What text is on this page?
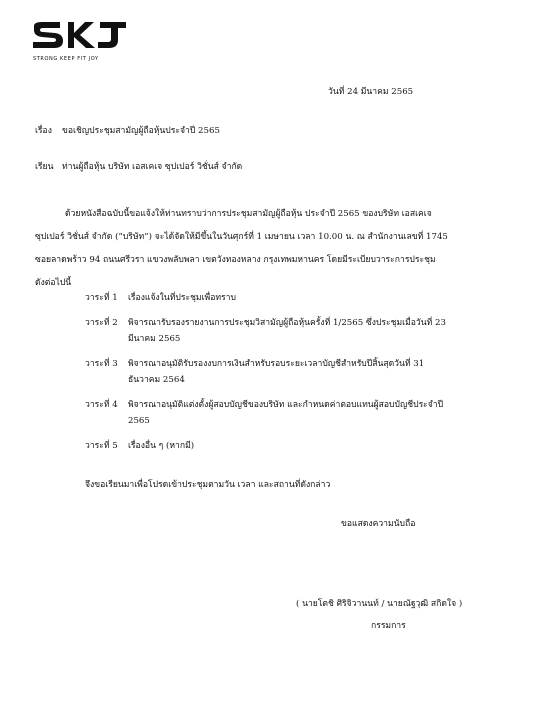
STRONG KEEP FIT JOY
วันที่ 24 มีนาคม 2565
เรื่อง ขอเชิญประชุมสามัญผู้ถือหุ้นประจำปี 2565
เรียน ท่านผู้ถือหุ้น บริษัท เอสเคเจ ซุปเปอร์ วิชั่นส์ จำกัด
ด้วยหนังสือฉบับนี้ขอแจ้งให้ท่านทราบว่าการประชุมสามัญผู้ถือหุ้น ประจำปี 2565 ของบริษัท เอสเคเจ
ซุปเปอร์ วิชั่นส์ จำกัด (“บริษัท”) จะได้จัดให้มีขึ้นในวันศุกร์ที่ 1 เมษายน เวลา 10.00 น. ณ สำนักงานเลขที่ 1745
ซอยลาดพร้าว 94 ถนนศรีวรา แขวงพลับพลา เขตวังทองหลาง กรุงเทพมหานคร โดยมีระเบียบวาระการประชุม
ดังต่อไปนี้
วาระที่ 1 เรื่องแจ้งในที่ประชุมเพื่อทราบ
วาระที่ 2 พิจารณารับรองรายงานการประชุมวิสามัญผู้ถือหุ้นครั้งที่ 1/2565 ซึ่งประชุมเมื่อวันที่ 23
มีนาคม 2565
วาระที่ 3 พิจารณาอนุมัติรับรองงบการเงินสำหรับรอบระยะเวลาบัญชีสำหรับปีสิ้นสุดวันที่ 31
ธันวาคม 2564
วาระที่ 4 พิจารณาอนุมัติแต่งตั้งผู้สอบบัญชีของบริษัท และกำหนดค่าตอบแทนผู้สอบบัญชีประจำปี
2565
วาระที่ 5 เรื่องอื่น ๆ (หากมี)
จึงขอเรียนมาเพื่อโปรดเข้าประชุมตามวัน เวลา และสถานที่ดังกล่าว
ขอแสดงความนับถือ
( นายโตชิ ศิริจิวานนท์ / นายณัฐวุฒิ สกิดใจ )
กรรมการ
